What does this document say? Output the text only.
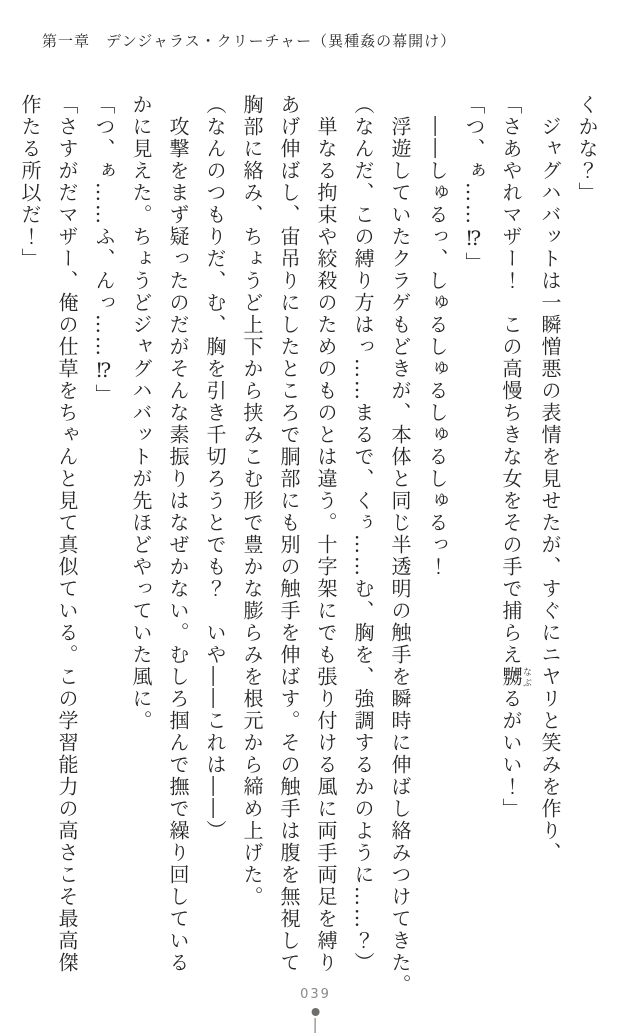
第一章　デンジャラス・クリーチャー（異種姦の幕開け）
くかな？」
　ジャグハバットは一瞬憎悪の表情を見せたが、すぐにニヤリと笑みを作り、
「さあやれマザー！　この高慢ちきな女をその手で捕らえ嬲なぶるがいい！」
「つ、ぁ……⁉」
　――しゅるっ、しゅるしゅるしゅるしゅるっ！
　浮遊していたクラゲもどきが、本体と同じ半透明の触手を瞬時に伸ばし絡みつけてきた。
（なんだ、この縛り方はっ……まるで、くぅ……む、胸を、強調するかのように……？）
　単なる拘束や絞殺のためのものとは違う。十字架にでも張り付ける風に両手両足を縛り
あげ伸ばし、宙吊りにしたところで胴部にも別の触手を伸ばす。その触手は腹を無視して
胸部に絡み、ちょうど上下から挟みこむ形で豊かな膨らみを根元から締め上げた。
（なんのつもりだ、む、胸を引き千切ろうとでも？　いや――これは――）
　攻撃をまず疑ったのだがそんな素振りはなぜかない。むしろ掴んで撫で繰り回している
かに見えた。ちょうどジャグハバットが先ほどやっていた風に。
「つ、ぁ……ふ、んっ……⁉」
「さすがだマザー、俺の仕草をちゃんと見て真似ている。この学習能力の高さこそ最高傑
作たる所以だ！」
039
